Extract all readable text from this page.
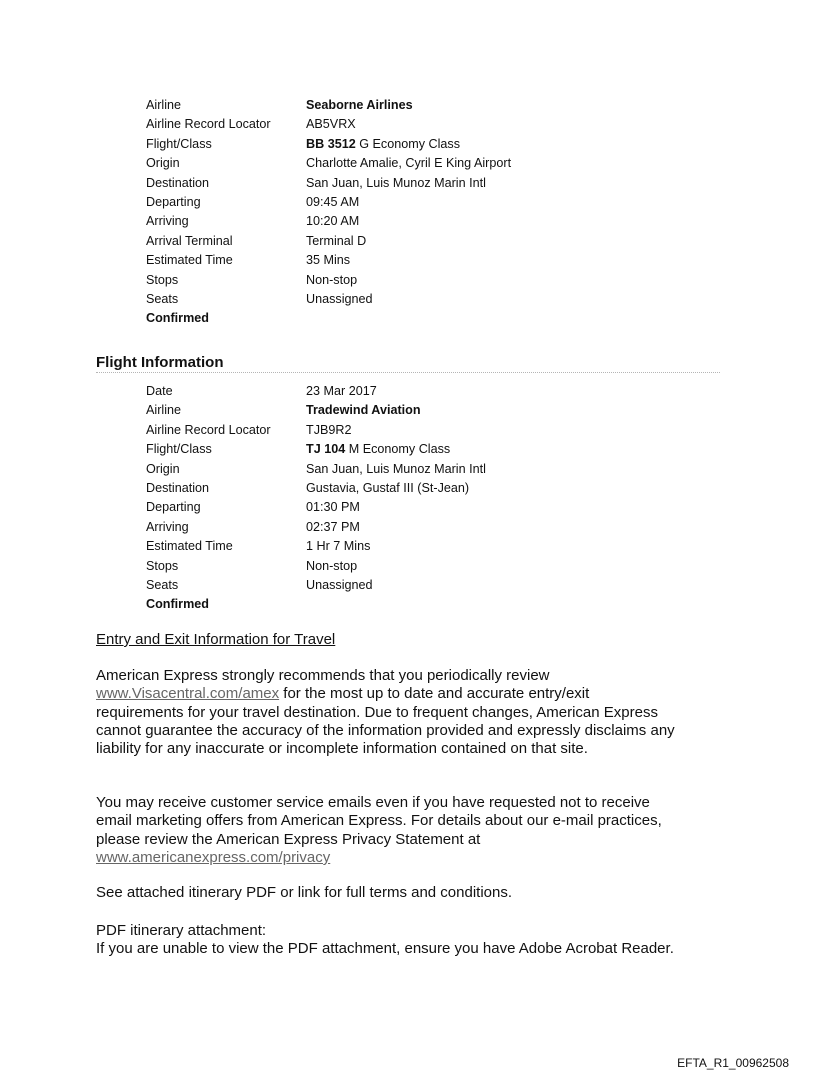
Airline	Seaborne Airlines
Airline Record Locator	AB5VRX
Flight/Class	BB 3512 G Economy Class
Origin	Charlotte Amalie, Cyril E King Airport
Destination	San Juan, Luis Munoz Marin Intl
Departing	09:45 AM
Arriving	10:20 AM
Arrival Terminal	Terminal D
Estimated Time	35 Mins
Stops	Non-stop
Seats	Unassigned
Confirmed
Flight Information
Date	23 Mar 2017
Airline	Tradewind Aviation
Airline Record Locator	TJB9R2
Flight/Class	TJ 104 M Economy Class
Origin	San Juan, Luis Munoz Marin Intl
Destination	Gustavia, Gustaf III (St-Jean)
Departing	01:30 PM
Arriving	02:37 PM
Estimated Time	1 Hr 7 Mins
Stops	Non-stop
Seats	Unassigned
Confirmed
Entry and Exit Information for Travel
American Express strongly recommends that you periodically review
www.Visacentral.com/amex for the most up to date and accurate entry/exit
requirements for your travel destination. Due to frequent changes, American Express
cannot guarantee the accuracy of the information provided and expressly disclaims any
liability for any inaccurate or incomplete information contained on that site.
You may receive customer service emails even if you have requested not to receive
email marketing offers from American Express. For details about our e-mail practices,
please review the American Express Privacy Statement at
www.americanexpress.com/privacy
See attached itinerary PDF or link for full terms and conditions.
PDF itinerary attachment:
If you are unable to view the PDF attachment, ensure you have Adobe Acrobat Reader.
EFTA_R1_00962508
